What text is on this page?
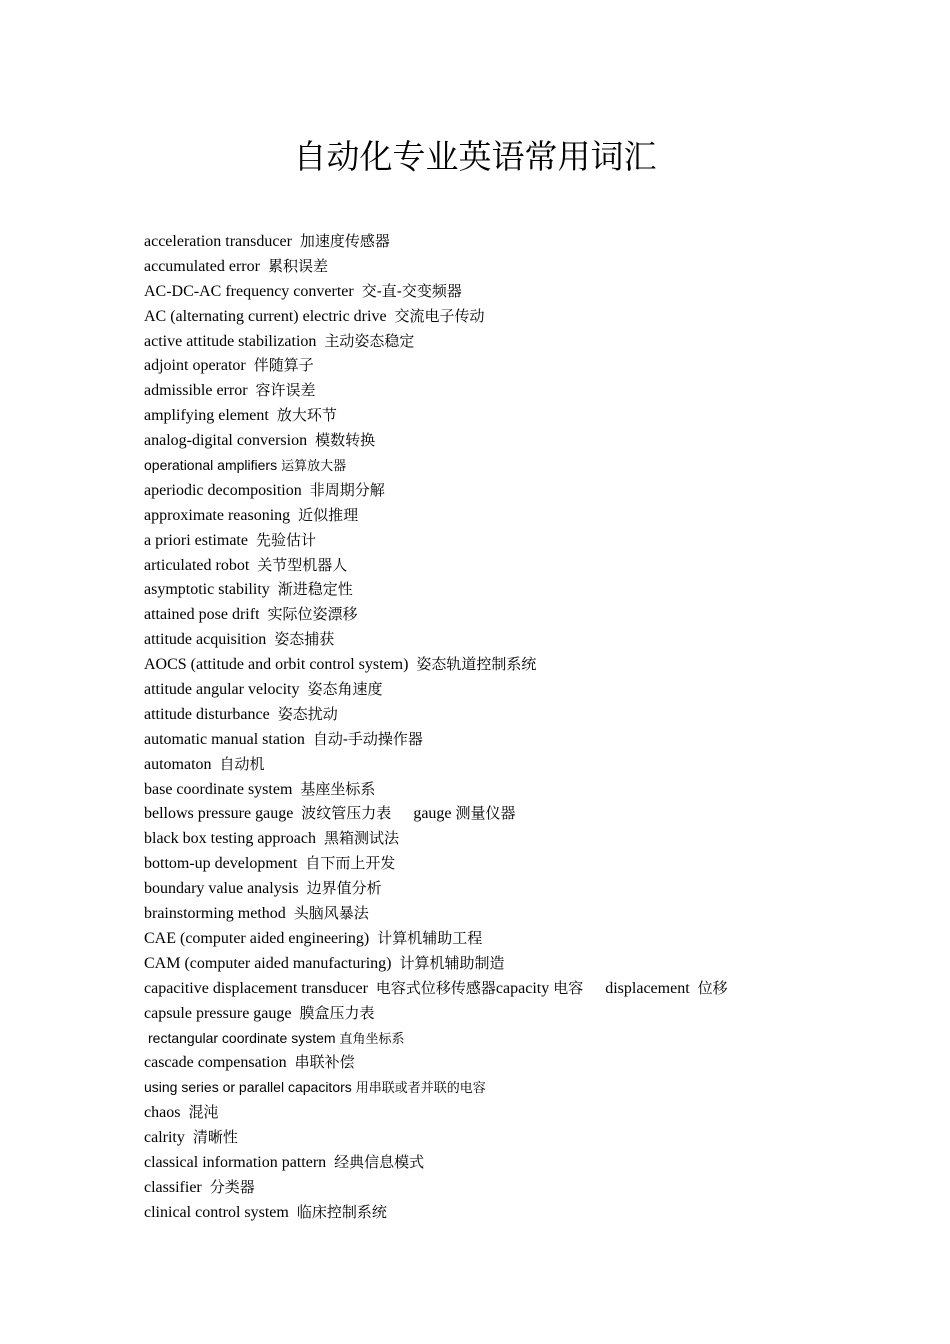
自动化专业英语常用词汇
acceleration transducer 加速度传感器
accumulated error 累积误差
AC-DC-AC frequency converter 交-直-交变频器
AC (alternating current) electric drive 交流电子传动
active attitude stabilization 主动姿态稳定
adjoint operator 伴随算子
admissible error 容许误差
amplifying element 放大环节
analog-digital conversion 模数转换
operational amplifiers 运算放大器
aperiodic decomposition 非周期分解
approximate reasoning 近似推理
a priori estimate 先验估计
articulated robot 关节型机器人
asymptotic stability 渐进稳定性
attained pose drift 实际位姿漂移
attitude acquisition 姿态捕获
AOCS (attitude and orbit control system) 姿态轨道控制系统
attitude angular velocity 姿态角速度
attitude disturbance 姿态扰动
automatic manual station 自动-手动操作器
automaton 自动机
base coordinate system 基座坐标系
bellows pressure gauge 波纹管压力表 gauge 测量仪器
black box testing approach 黑箱测试法
bottom-up development 自下而上开发
boundary value analysis 边界值分析
brainstorming method 头脑风暴法
CAE (computer aided engineering) 计算机辅助工程
CAM (computer aided manufacturing) 计算机辅助制造
capacitive displacement transducer 电容式位移传感器capacity 电容 displacement 位移
capsule pressure gauge 膜盒压力表
rectangular coordinate system 直角坐标系
cascade compensation 串联补偿
using series or parallel capacitors 用串联或者并联的电容
chaos 混沌
calrity 清晰性
classical information pattern 经典信息模式
classifier 分类器
clinical control system 临床控制系统
